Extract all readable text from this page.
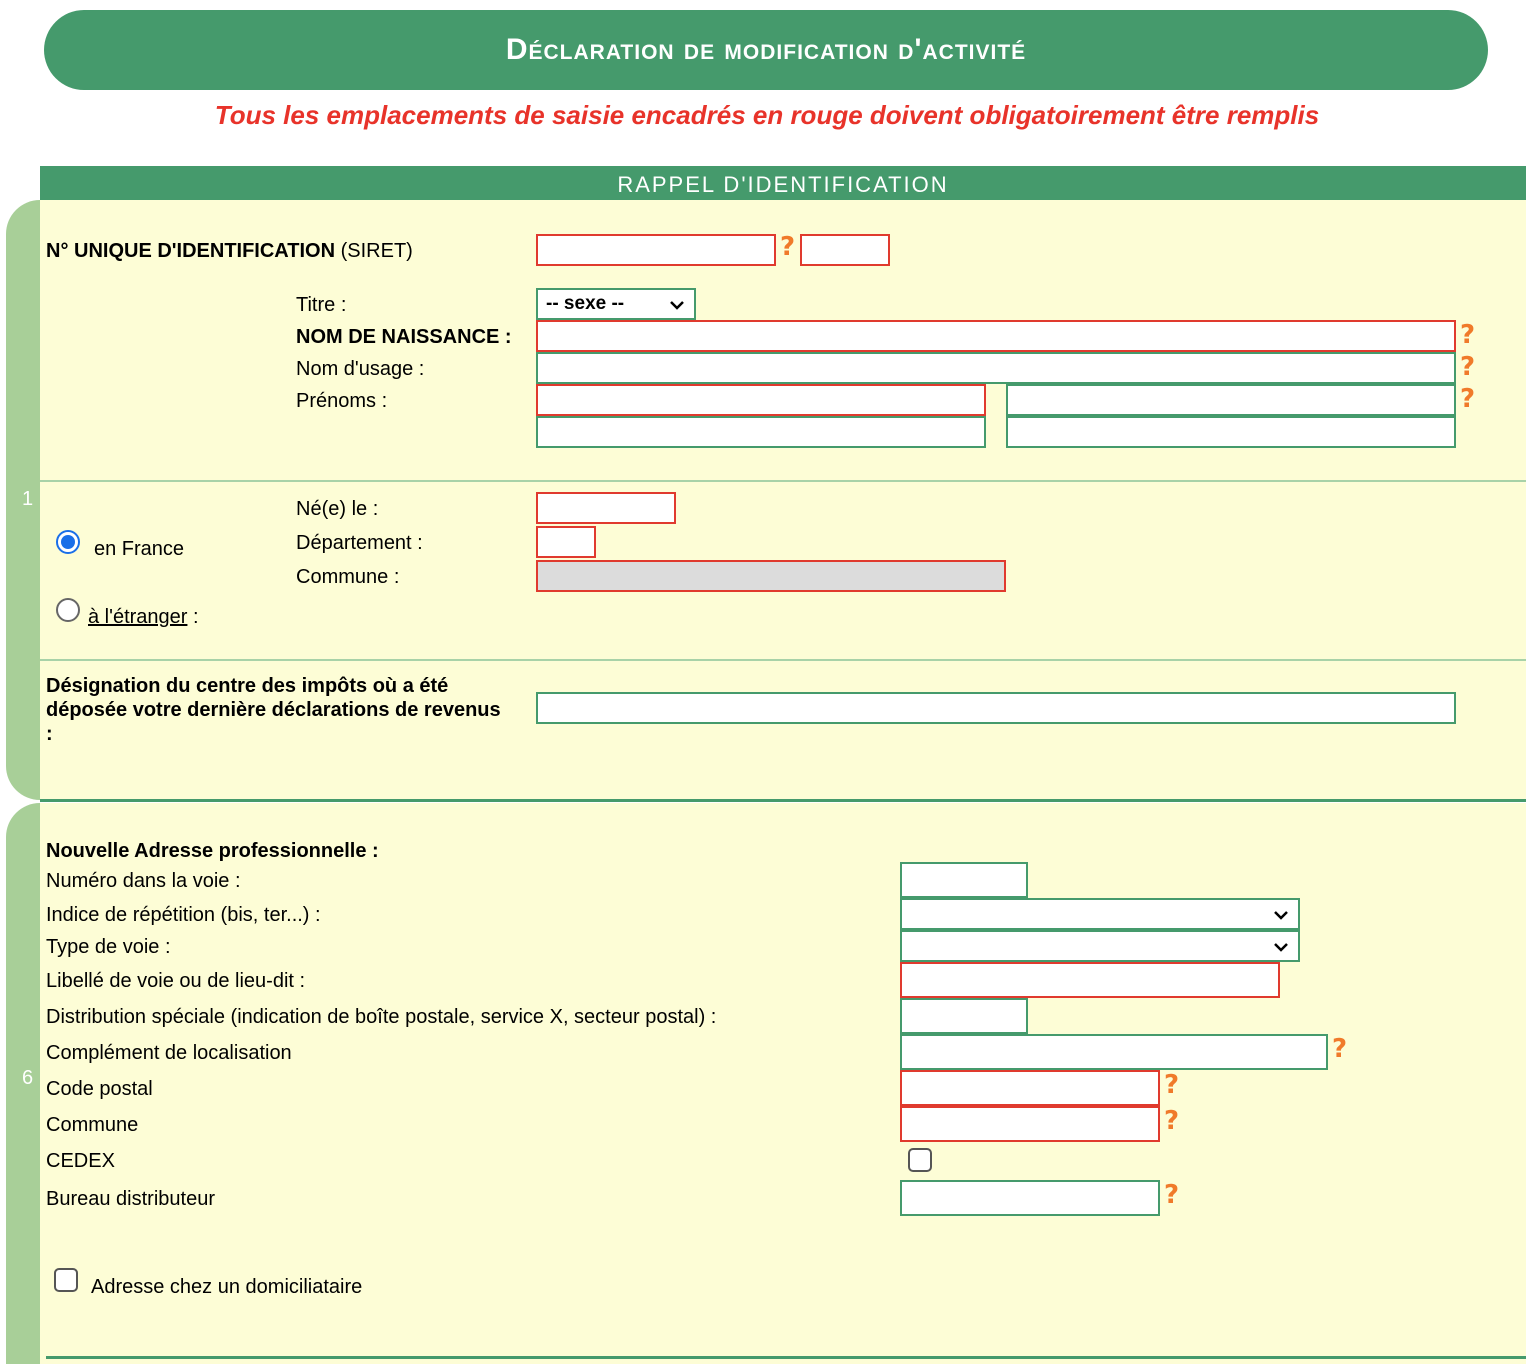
Déclaration de modification d'activité
Tous les emplacements de saisie encadrés en rouge doivent obligatoirement être remplis
RAPPEL D'IDENTIFICATION
1
N° UNIQUE D'IDENTIFICATION (SIRET)	?
Titre :	-- sexe --
NOM DE NAISSANCE :	?
Nom d'usage :	?
Prénoms :	?
Né(e) le :
Département :
Commune :
en France
à l'étranger :
Désignation du centre des impôts où a été déposée votre dernière déclarations de revenus :
6
Nouvelle Adresse professionnelle :
Numéro dans la voie :
Indice de répétition (bis, ter...) :
Type de voie :
Libellé de voie ou de lieu-dit :
Distribution spéciale (indication de boîte postale, service X, secteur postal) :
Complément de localisation	?
Code postal	?
Commune	?
CEDEX
Bureau distributeur	?
Adresse chez un domiciliataire
